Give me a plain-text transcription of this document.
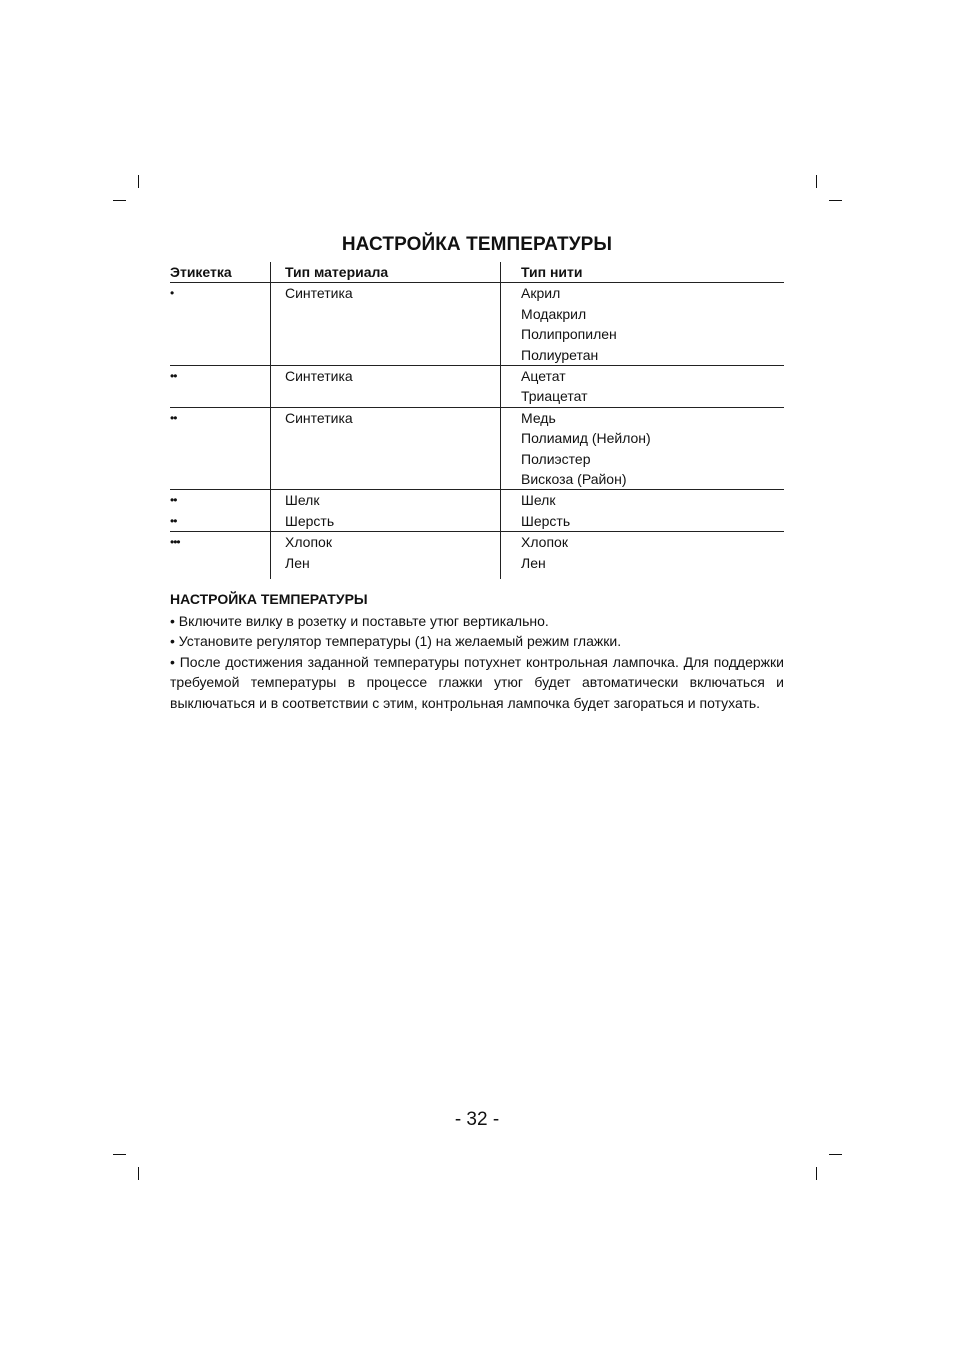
НАСТРОЙКА ТЕМПЕРАТУРЫ
Этикетка	Тип материала	Тип нити
•	Синтетика	Акрил
		Модакрил
		Полипропилен
		Полиуретан
••	Синтетика	Ацетат
		Триацетат
••	Синтетика	Медь
		Полиамид (Нейлон)
		Полиэстер
		Вискоза (Район)
••	Шелк	Шелк
••	Шерсть	Шерсть
•••	Хлопок	Хлопок
	Лен	Лен
НАСТРОЙКА ТЕМПЕРАТУРЫ

• Включите вилку в розетку и поставьте утюг вертикально.

• Установите регулятор температуры (1) на желаемый режим глажки.

• После достижения заданной температуры потухнет контрольная лампочка. Для поддержки требуемой температуры в процессе глажки утюг будет автоматически включаться и выключаться и в соответствии с этим, контрольная лампочка будет загораться и потухать.

- 32 -
